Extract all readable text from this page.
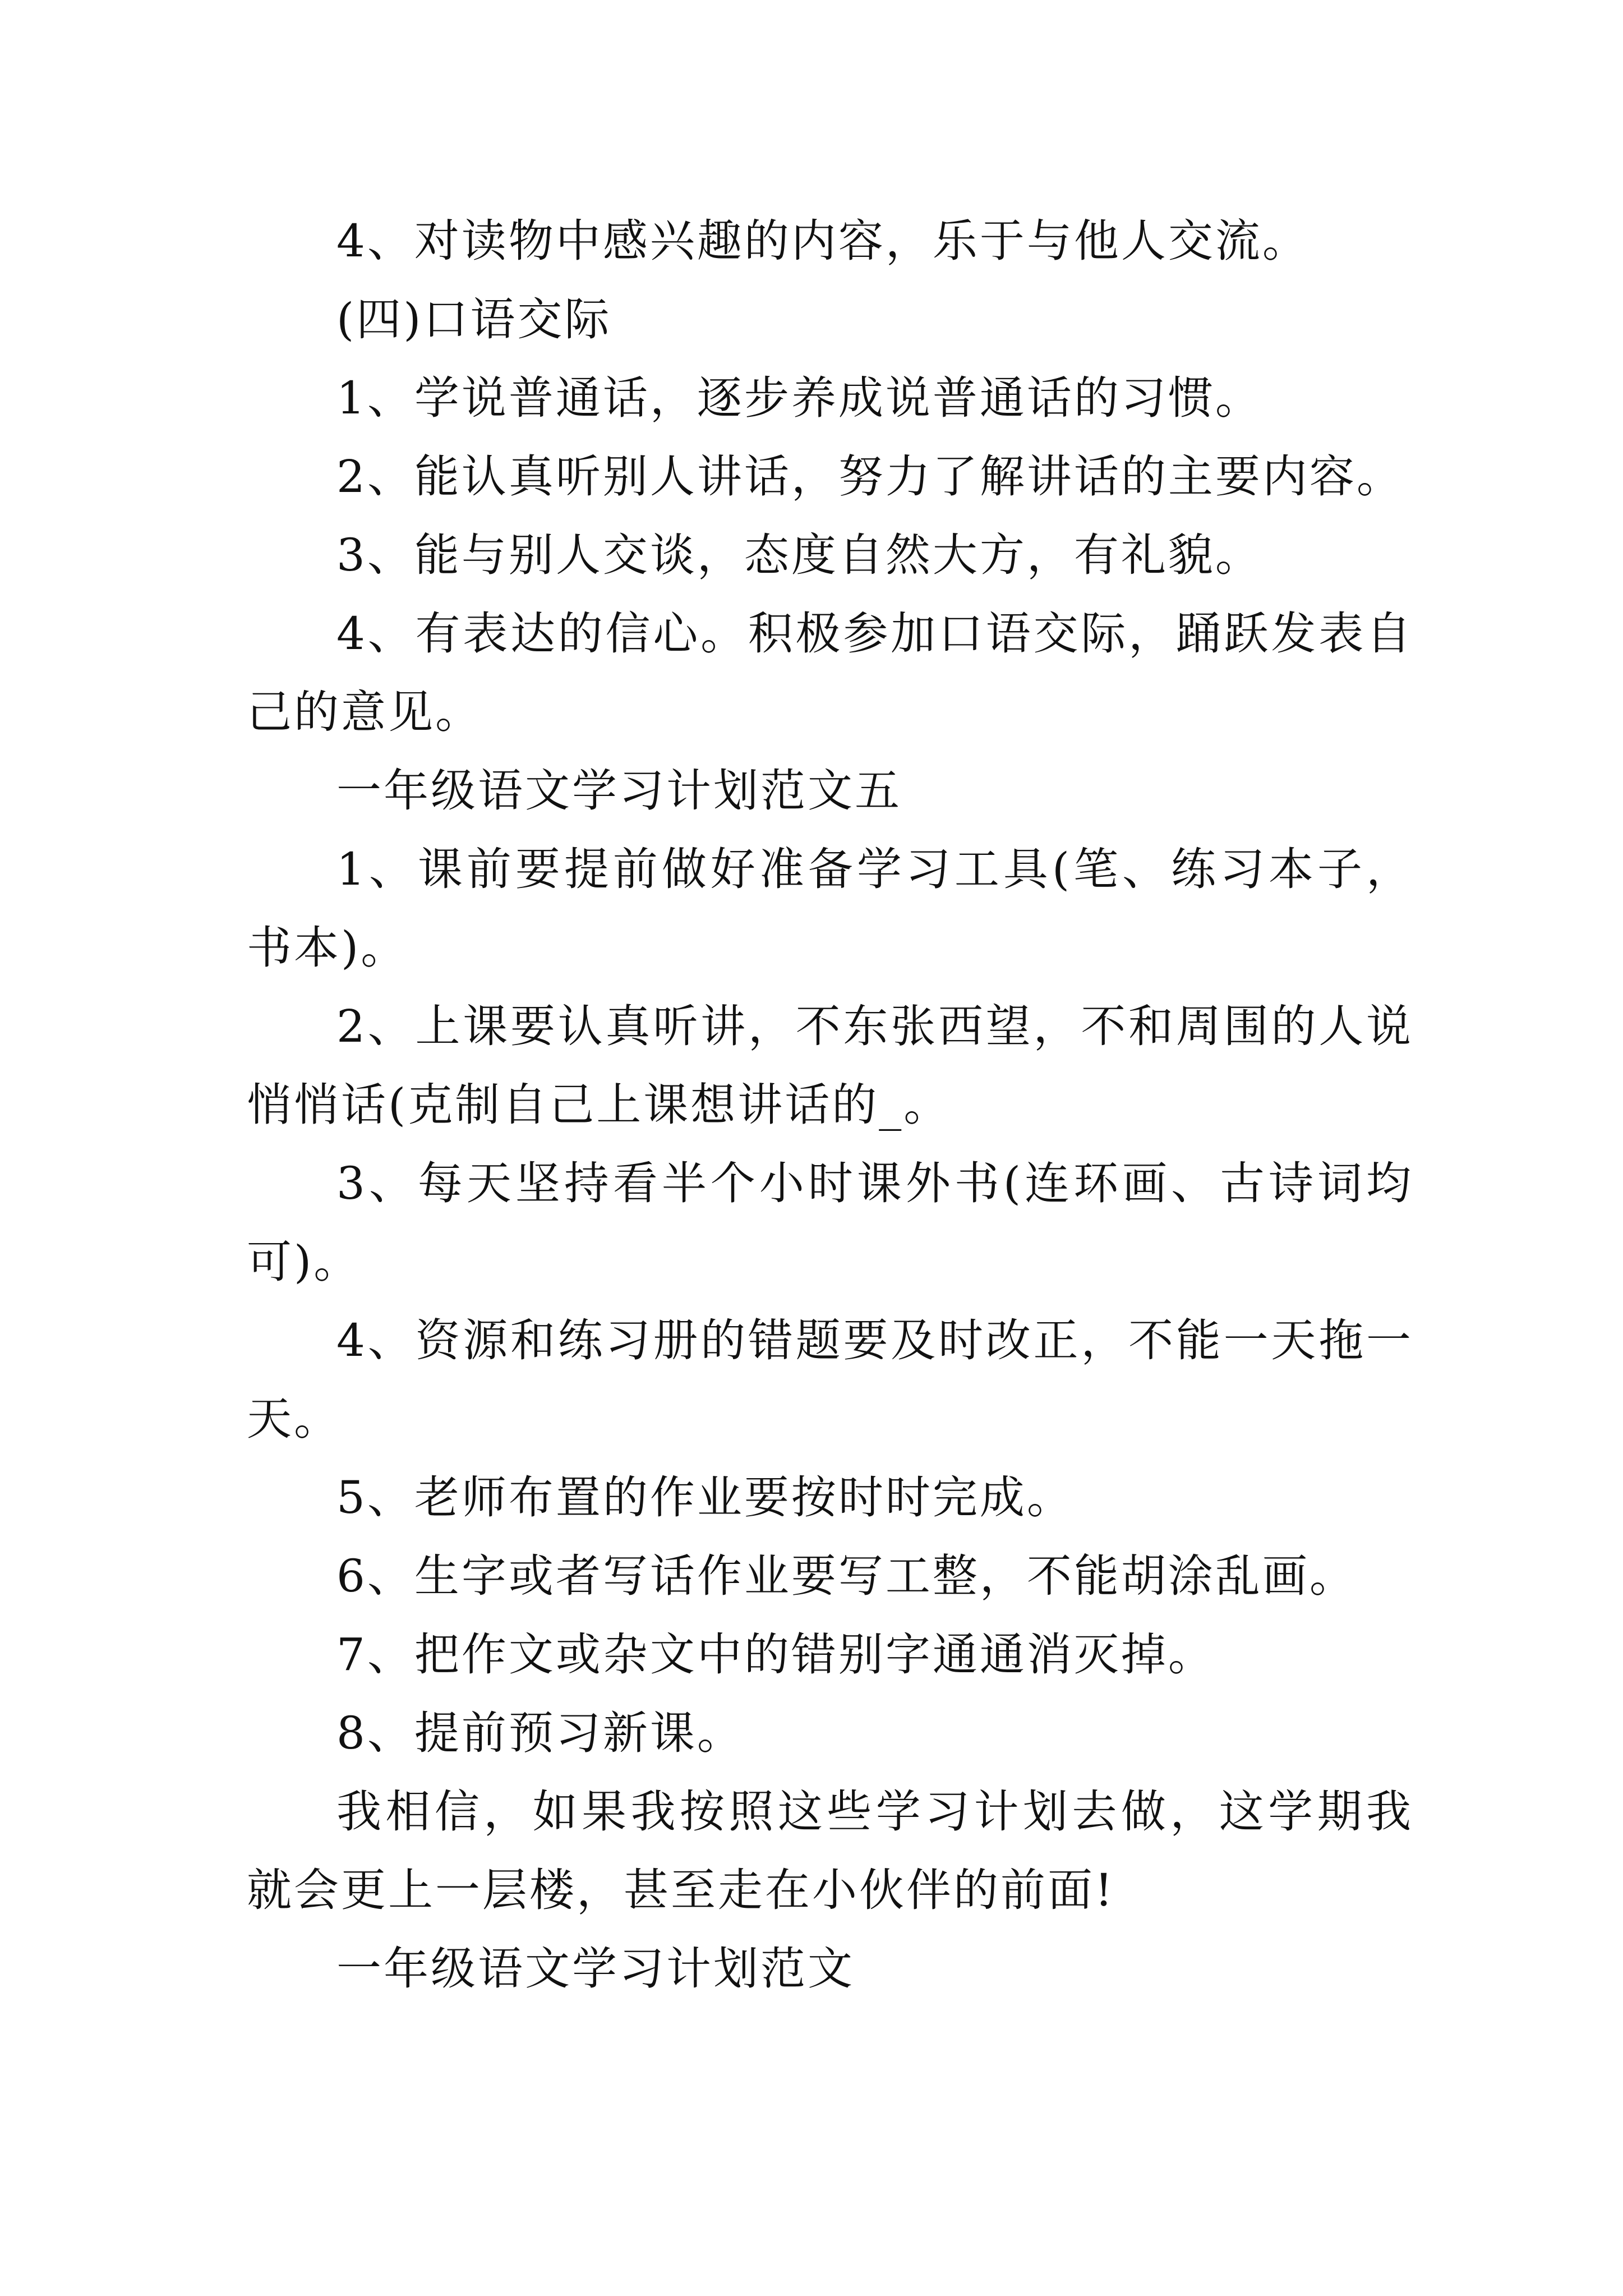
4、对读物中感兴趣的内容，乐于与他人交流。

(四)口语交际

1、学说普通话，逐步养成说普通话的习惯。

2、能认真听别人讲话，努力了解讲话的主要内容。

3、能与别人交谈，态度自然大方，有礼貌。

4、有表达的信心。积极参加口语交际，踊跃发表自己的意见。

一年级语文学习计划范文五

1、课前要提前做好准备学习工具(笔、练习本子，书本)。

2、上课要认真听讲，不东张西望，不和周围的人说悄悄话(克制自己上课想讲话的_。

3、每天坚持看半个小时课外书(连环画、古诗词均可)。

4、资源和练习册的错题要及时改正，不能一天拖一天。

5、老师布置的作业要按时时完成。

6、生字或者写话作业要写工整，不能胡涂乱画。

7、把作文或杂文中的错别字通通消灭掉。

8、提前预习新课。

我相信，如果我按照这些学习计划去做，这学期我就会更上一层楼，甚至走在小伙伴的前面!

一年级语文学习计划范文
